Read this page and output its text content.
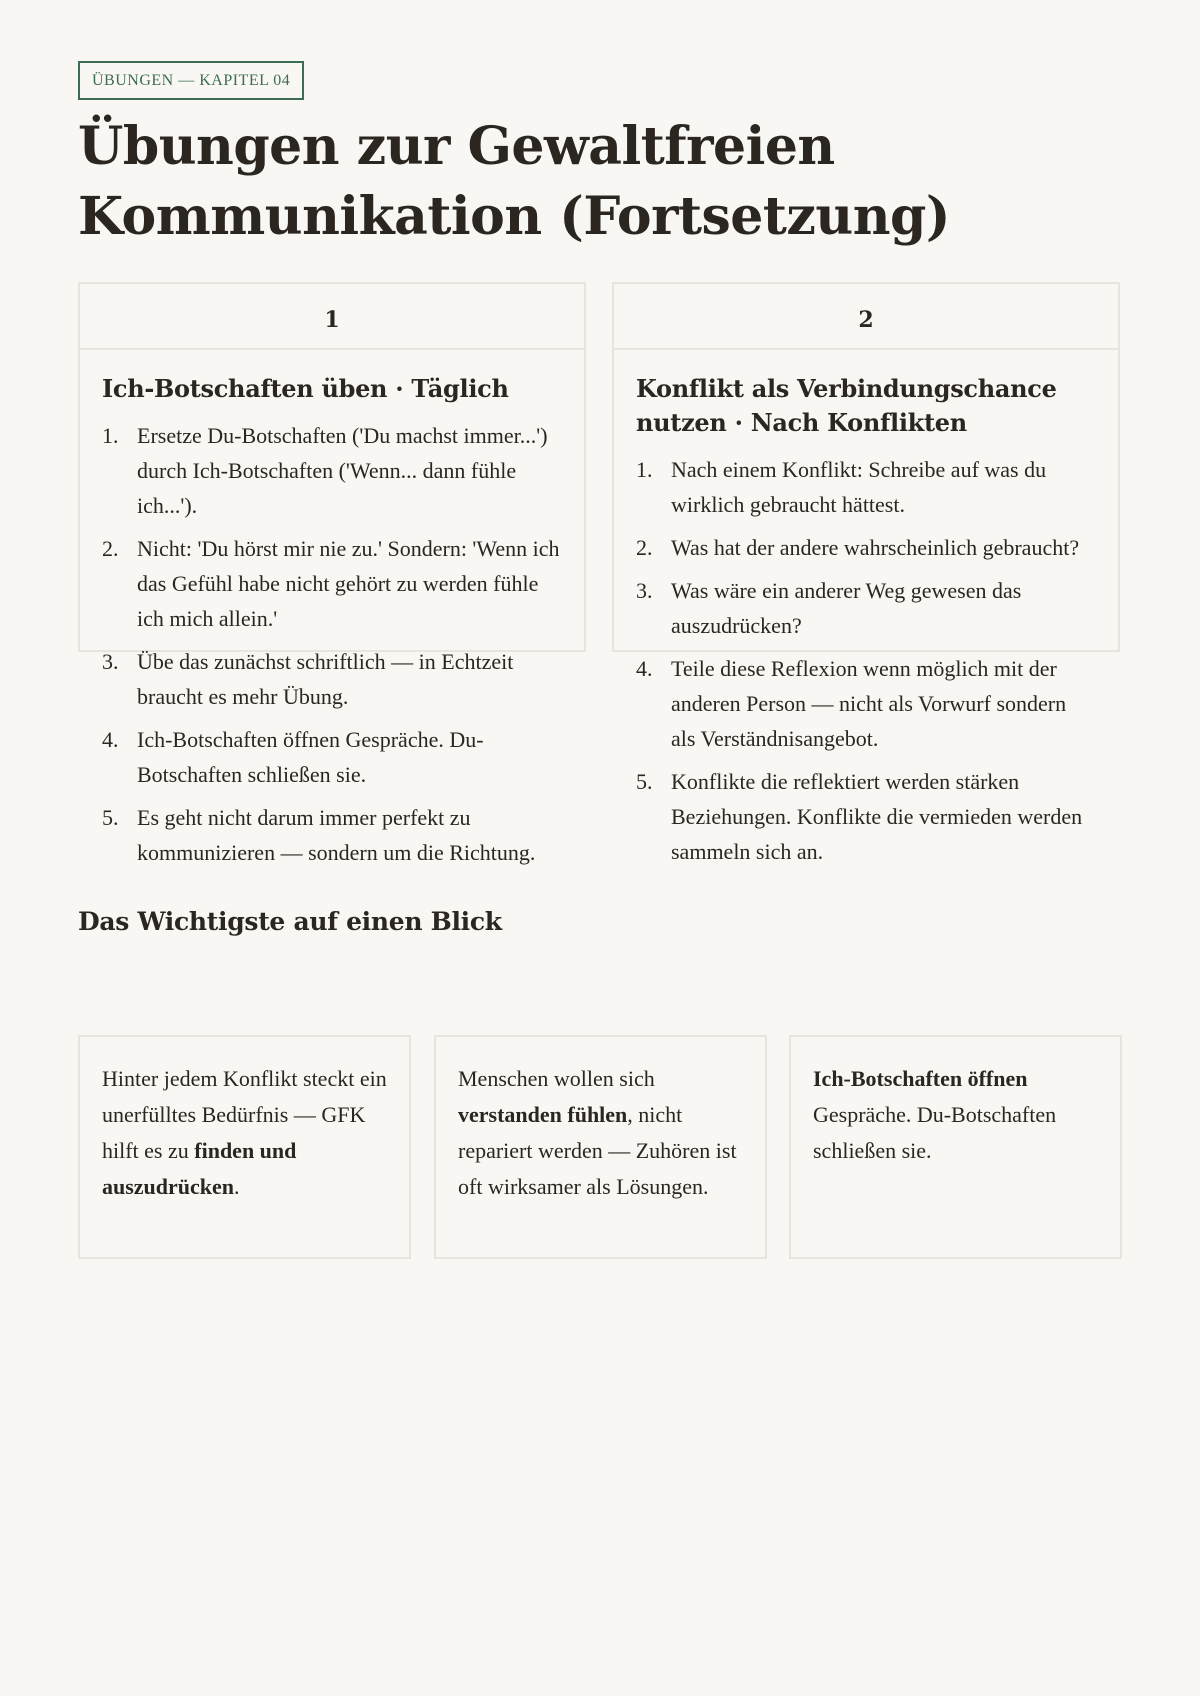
ÜBUNGEN — KAPITEL 04
Übungen zur Gewaltfreien Kommunikation (Fortsetzung)
1
Ich-Botschaften üben · Täglich
1. Ersetze Du-Botschaften ('Du machst immer...') durch Ich-Botschaften ('Wenn... dann fühle ich...').
2. Nicht: 'Du hörst mir nie zu.' Sondern: 'Wenn ich das Gefühl habe nicht gehört zu werden fühle ich mich allein.'
3. Übe das zunächst schriftlich — in Echtzeit braucht es mehr Übung.
4. Ich-Botschaften öffnen Gespräche. Du-Botschaften schließen sie.
5. Es geht nicht darum immer perfekt zu kommunizieren — sondern um die Richtung.
2
Konflikt als Verbindungschance nutzen · Nach Konflikten
1. Nach einem Konflikt: Schreibe auf was du wirklich gebraucht hättest.
2. Was hat der andere wahrscheinlich gebraucht?
3. Was wäre ein anderer Weg gewesen das auszudrücken?
4. Teile diese Reflexion wenn möglich mit der anderen Person — nicht als Vorwurf sondern als Verständnisangebot.
5. Konflikte die reflektiert werden stärken Beziehungen. Konflikte die vermieden werden sammeln sich an.
Das Wichtigste auf einen Blick
Hinter jedem Konflikt steckt ein unerfülltes Bedürfnis — GFK hilft es zu finden und auszudrücken.
Menschen wollen sich verstanden fühlen, nicht repariert werden — Zuhören ist oft wirksamer als Lösungen.
Ich-Botschaften öffnen Gespräche. Du-Botschaften schließen sie.
